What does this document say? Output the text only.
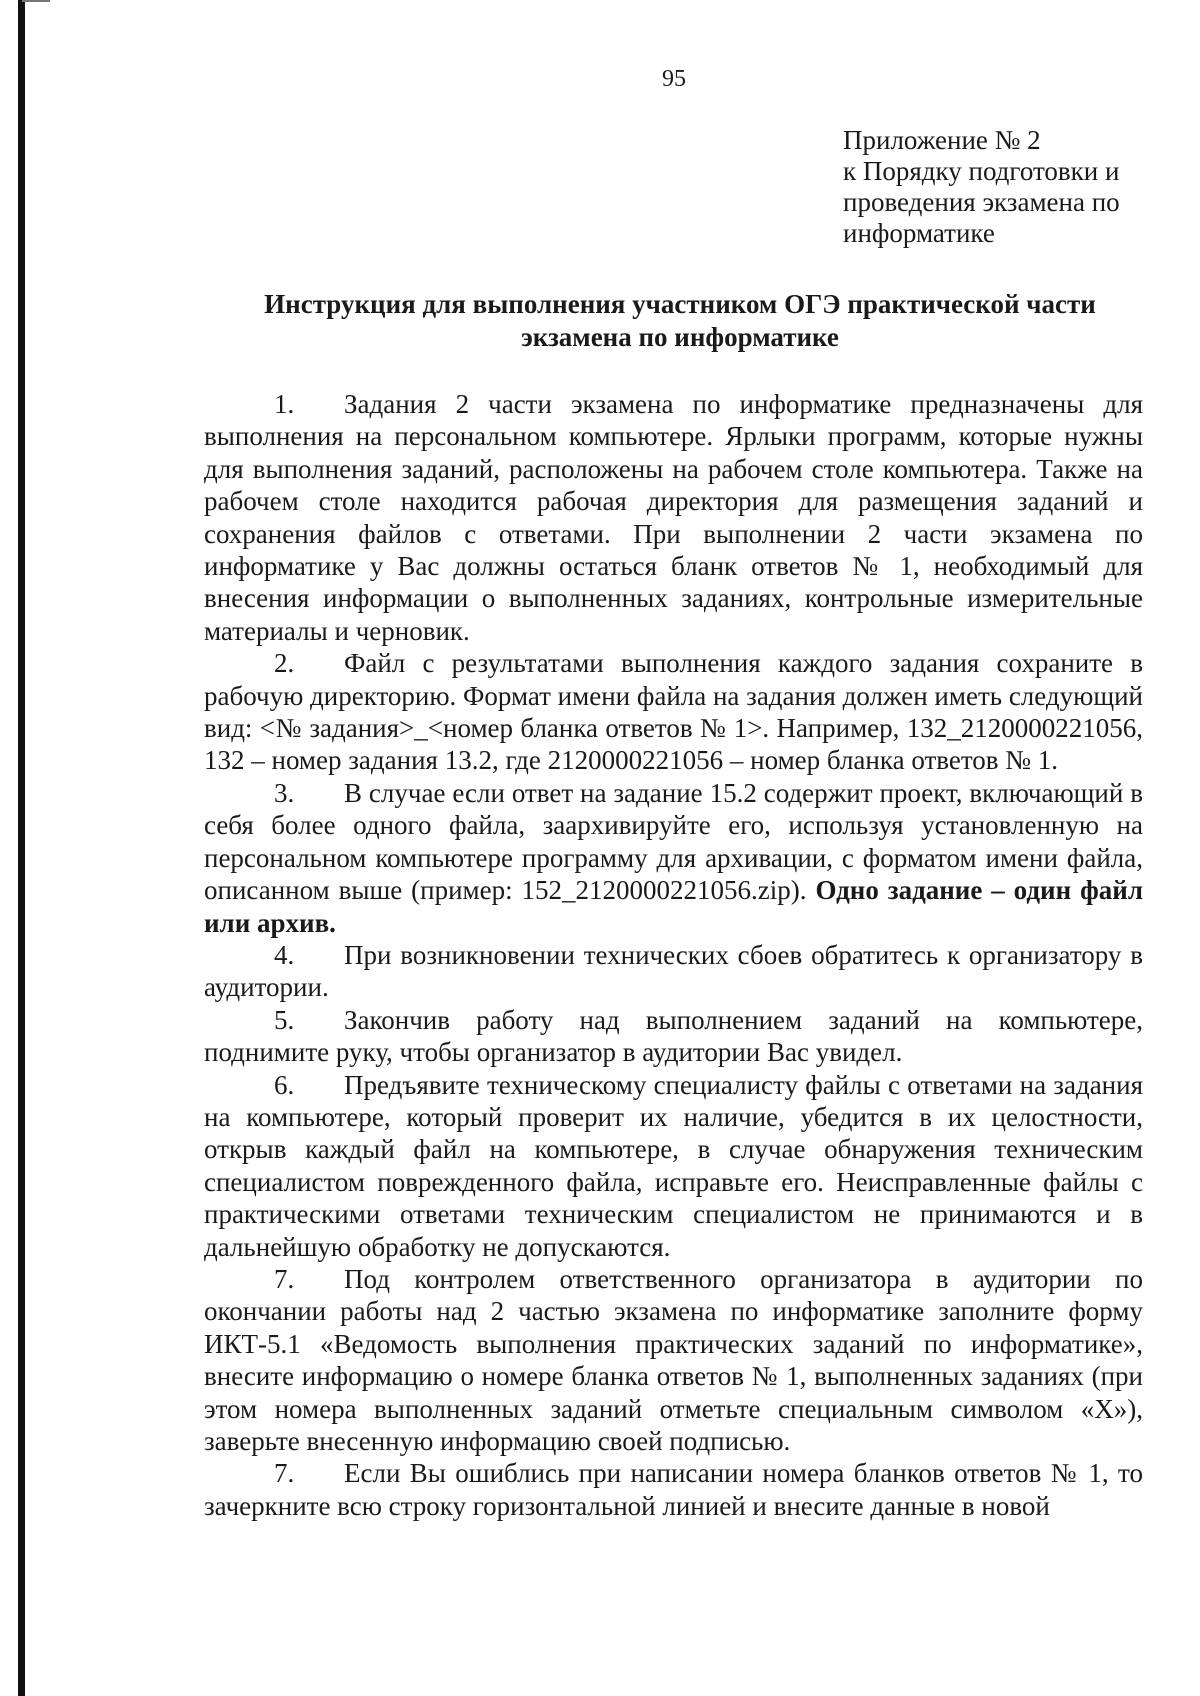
95
Приложение № 2
к Порядку подготовки и
проведения экзамена по
информатике
Инструкция для выполнения участником ОГЭ практической части
экзамена по информатике

1. Задания 2 части экзамена по информатике предназначены для выполнения на персональном компьютере. Ярлыки программ, которые нужны для выполнения заданий, расположены на рабочем столе компьютера. Также на рабочем столе находится рабочая директория для размещения заданий и сохранения файлов с ответами. При выполнении 2 части экзамена по информатике у Вас должны остаться бланк ответов № 1, необходимый для внесения информации о выполненных заданиях, контрольные измерительные материалы и черновик.

2. Файл с результатами выполнения каждого задания сохраните в рабочую директорию. Формат имени файла на задания должен иметь следующий вид: <№ задания>_<номер бланка ответов № 1>. Например, 132_2120000221056, 132 – номер задания 13.2, где 2120000221056 – номер бланка ответов № 1.

3. В случае если ответ на задание 15.2 содержит проект, включающий в себя более одного файла, заархивируйте его, используя установленную на персональном компьютере программу для архивации, с форматом имени файла, описанном выше (пример: 152_2120000221056.zip). Одно задание – один файл или архив.

4. При возникновении технических сбоев обратитесь к организатору в аудитории.

5. Закончив работу над выполнением заданий на компьютере, поднимите руку, чтобы организатор в аудитории Вас увидел.

6. Предъявите техническому специалисту файлы с ответами на задания на компьютере, который проверит их наличие, убедится в их целостности, открыв каждый файл на компьютере, в случае обнаружения техническим специалистом поврежденного файла, исправьте его. Неисправленные файлы с практическими ответами техническим специалистом не принимаются и в дальнейшую обработку не допускаются.

7. Под контролем ответственного организатора в аудитории по окончании работы над 2 частью экзамена по информатике заполните форму ИКТ-5.1 «Ведомость выполнения практических заданий по информатике», внесите информацию о номере бланка ответов № 1, выполненных заданиях (при этом номера выполненных заданий отметьте специальным символом «Х»), заверьте внесенную информацию своей подписью.

7. Если Вы ошиблись при написании номера бланков ответов № 1, то зачеркните всю строку горизонтальной линией и внесите данные в новой
